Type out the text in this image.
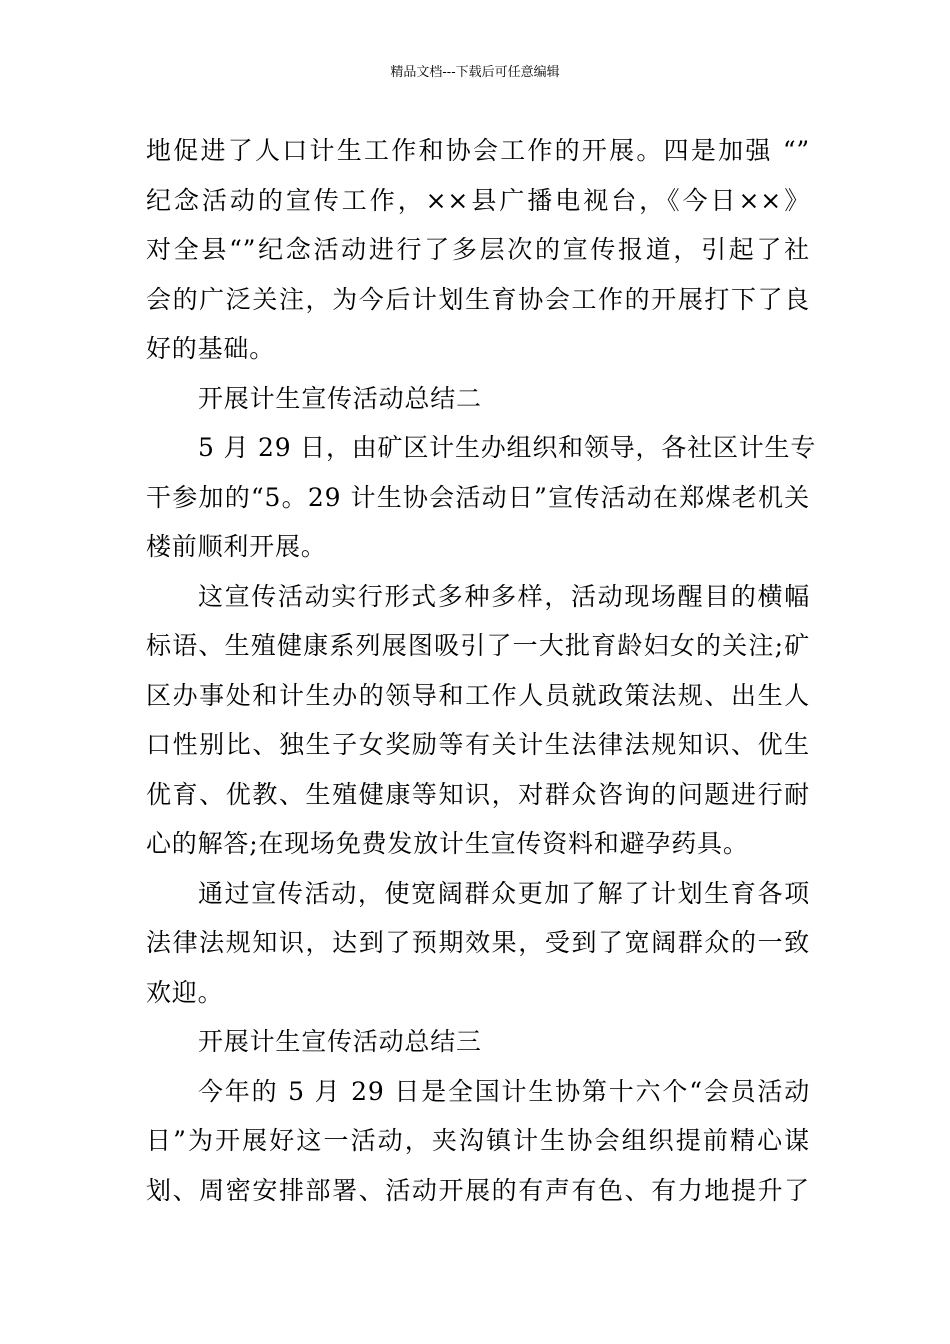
精品文档---下载后可任意编辑
地促进了人口计生工作和协会工作的开展。四是加强 “”
纪念活动的宣传工作，××县广播电视台，《今日××》
对全县“”纪念活动进行了多层次的宣传报道，引起了社
会的广泛关注，为今后计划生育协会工作的开展打下了良
好的基础。
开展计生宣传活动总结二
5 月 29 日，由矿区计生办组织和领导，各社区计生专
干参加的“5。29 计生协会活动日”宣传活动在郑煤老机关
楼前顺利开展。
这宣传活动实行形式多种多样，活动现场醒目的横幅
标语、生殖健康系列展图吸引了一大批育龄妇女的关注;矿
区办事处和计生办的领导和工作人员就政策法规、出生人
口性别比、独生子女奖励等有关计生法律法规知识、优生
优育、优教、生殖健康等知识，对群众咨询的问题进行耐
心的解答;在现场免费发放计生宣传资料和避孕药具。
通过宣传活动，使宽阔群众更加了解了计划生育各项
法律法规知识，达到了预期效果，受到了宽阔群众的一致
欢迎。
开展计生宣传活动总结三
今年的 5 月 29 日是全国计生协第十六个“会员活动
日”为开展好这一活动，夹沟镇计生协会组织提前精心谋
划、周密安排部署、活动开展的有声有色、有力地提升了
